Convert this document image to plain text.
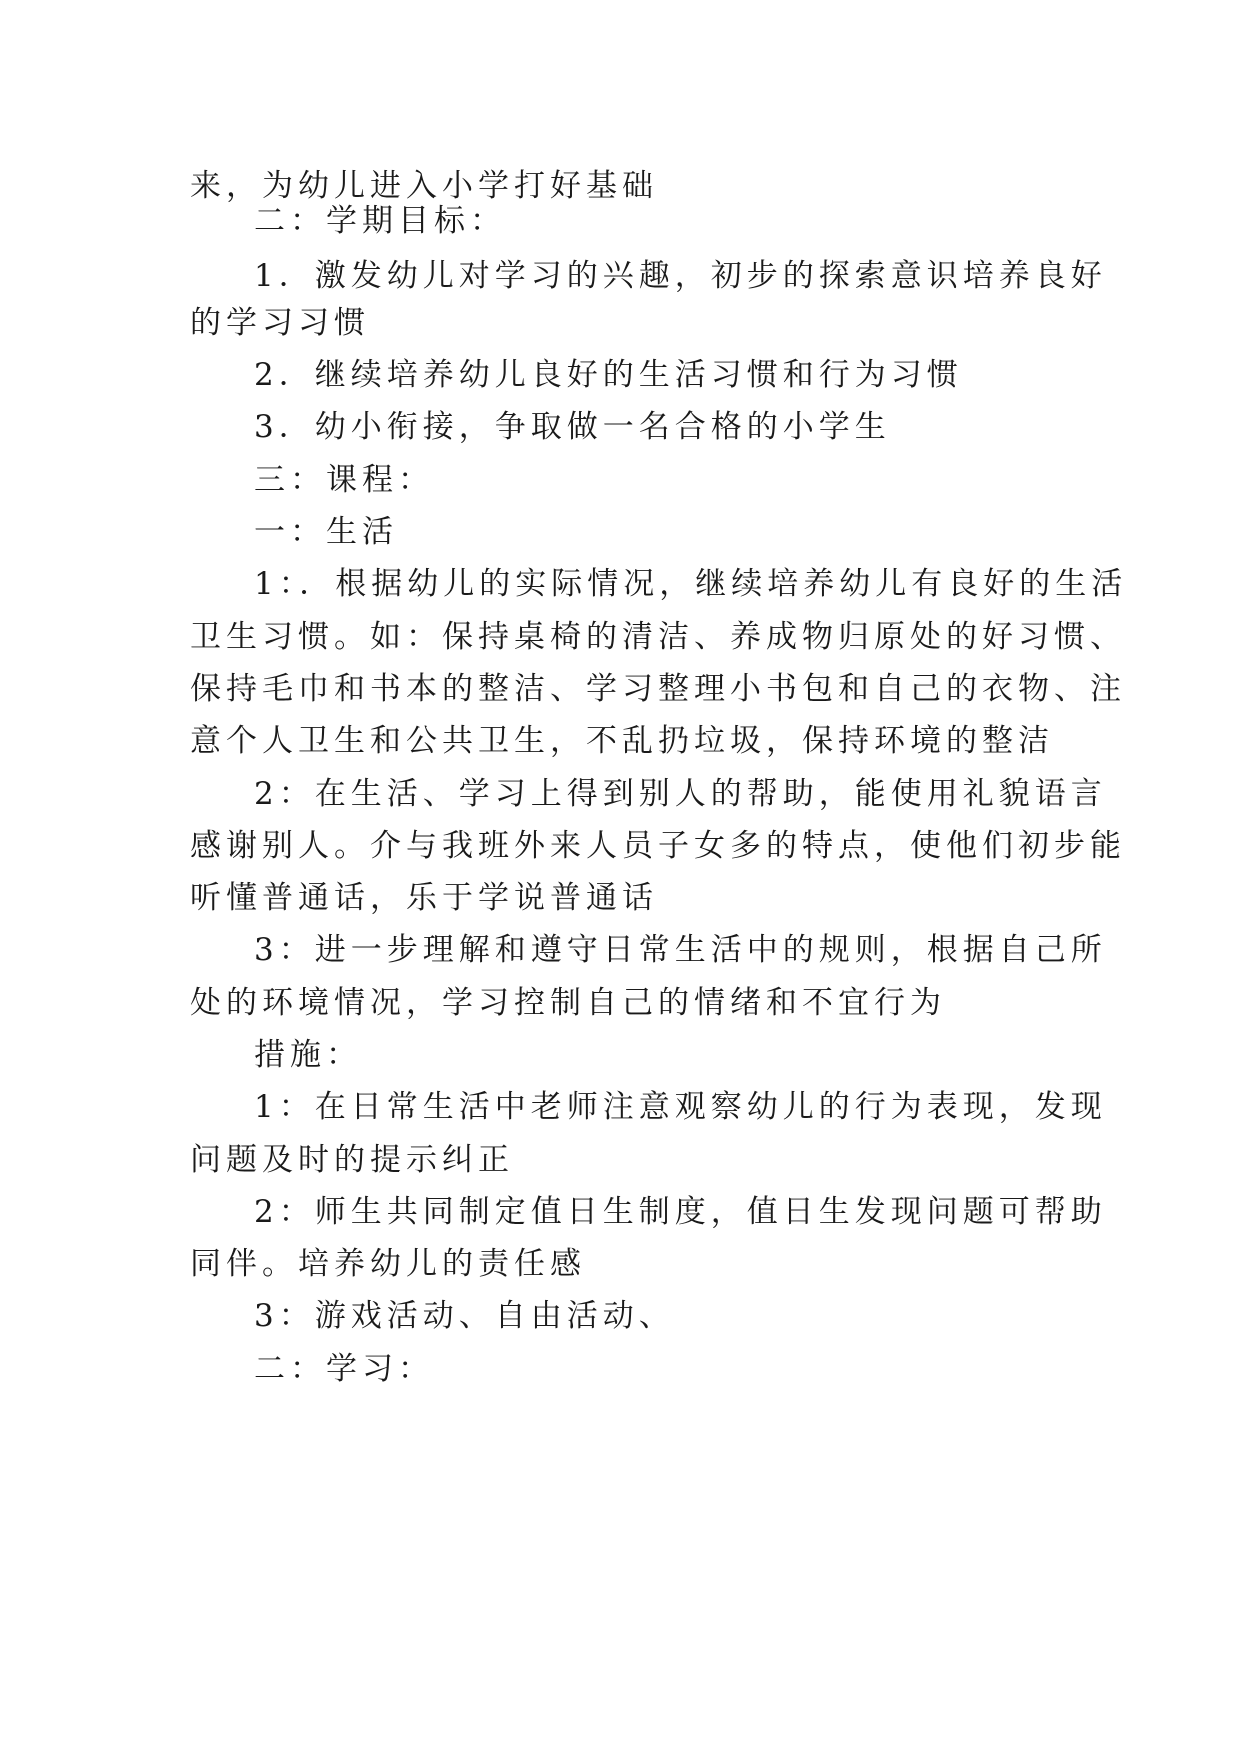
来，为幼儿进入小学打好基础
二：学期目标：
1．激发幼儿对学习的兴趣，初步的探索意识培养良好
的学习习惯
2．继续培养幼儿良好的生活习惯和行为习惯
3．幼小衔接，争取做一名合格的小学生
三：课程：
一：生活
1：．根据幼儿的实际情况，继续培养幼儿有良好的生活
卫生习惯。如：保持桌椅的清洁、养成物归原处的好习惯、
保持毛巾和书本的整洁、学习整理小书包和自己的衣物、注
意个人卫生和公共卫生，不乱扔垃圾，保持环境的整洁
2：在生活、学习上得到别人的帮助，能使用礼貌语言
感谢别人。介与我班外来人员子女多的特点，使他们初步能
听懂普通话，乐于学说普通话
3：进一步理解和遵守日常生活中的规则，根据自己所
处的环境情况，学习控制自己的情绪和不宜行为
措施：
1：在日常生活中老师注意观察幼儿的行为表现，发现
问题及时的提示纠正
2：师生共同制定值日生制度，值日生发现问题可帮助
同伴。培养幼儿的责任感
3：游戏活动、自由活动、
二：学习：
